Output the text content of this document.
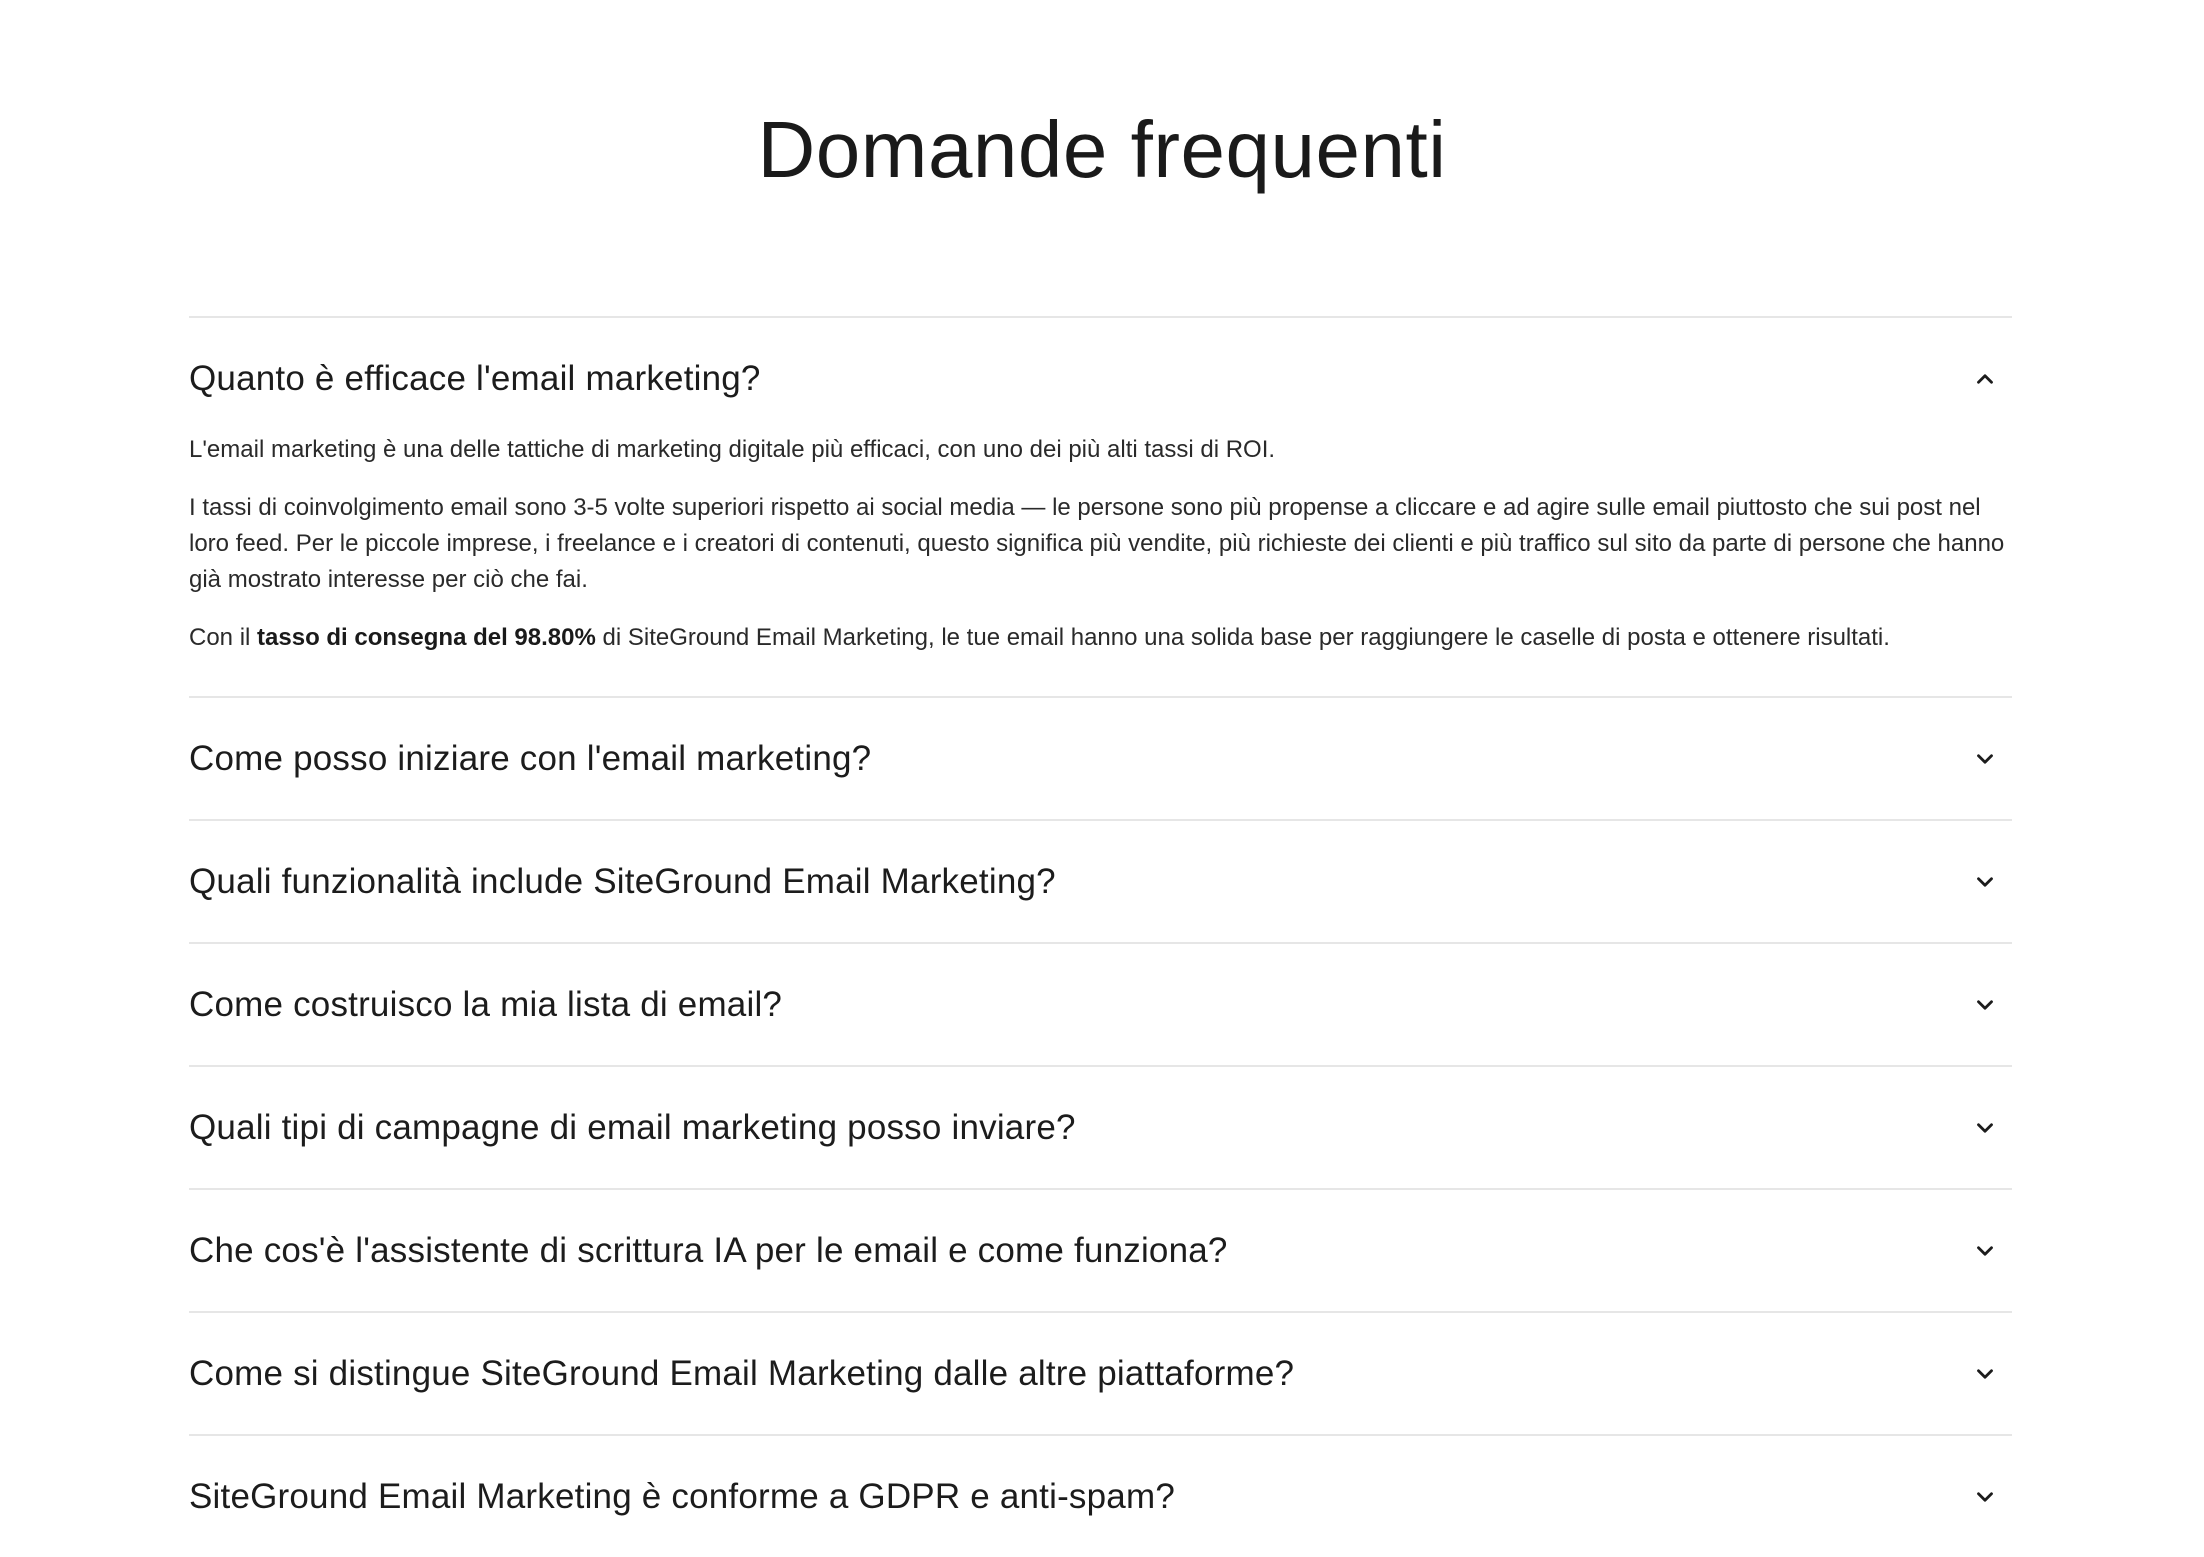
Domande frequenti
Quanto è efficace l'email marketing?

L'email marketing è una delle tattiche di marketing digitale più efficaci, con uno dei più alti tassi di ROI.

I tassi di coinvolgimento email sono 3-5 volte superiori rispetto ai social media — le persone sono più propense a cliccare e ad agire sulle email piuttosto che sui post nel loro feed. Per le piccole imprese, i freelance e i creatori di contenuti, questo significa più vendite, più richieste dei clienti e più traffico sul sito da parte di persone che hanno già mostrato interesse per ciò che fai.

Con il tasso di consegna del 98.80% di SiteGround Email Marketing, le tue email hanno una solida base per raggiungere le caselle di posta e ottenere risultati.

Come posso iniziare con l'email marketing?
Quali funzionalità include SiteGround Email Marketing?
Come costruisco la mia lista di email?
Quali tipi di campagne di email marketing posso inviare?
Che cos'è l'assistente di scrittura IA per le email e come funziona?
Come si distingue SiteGround Email Marketing dalle altre piattaforme?
SiteGround Email Marketing è conforme a GDPR e anti-spam?
